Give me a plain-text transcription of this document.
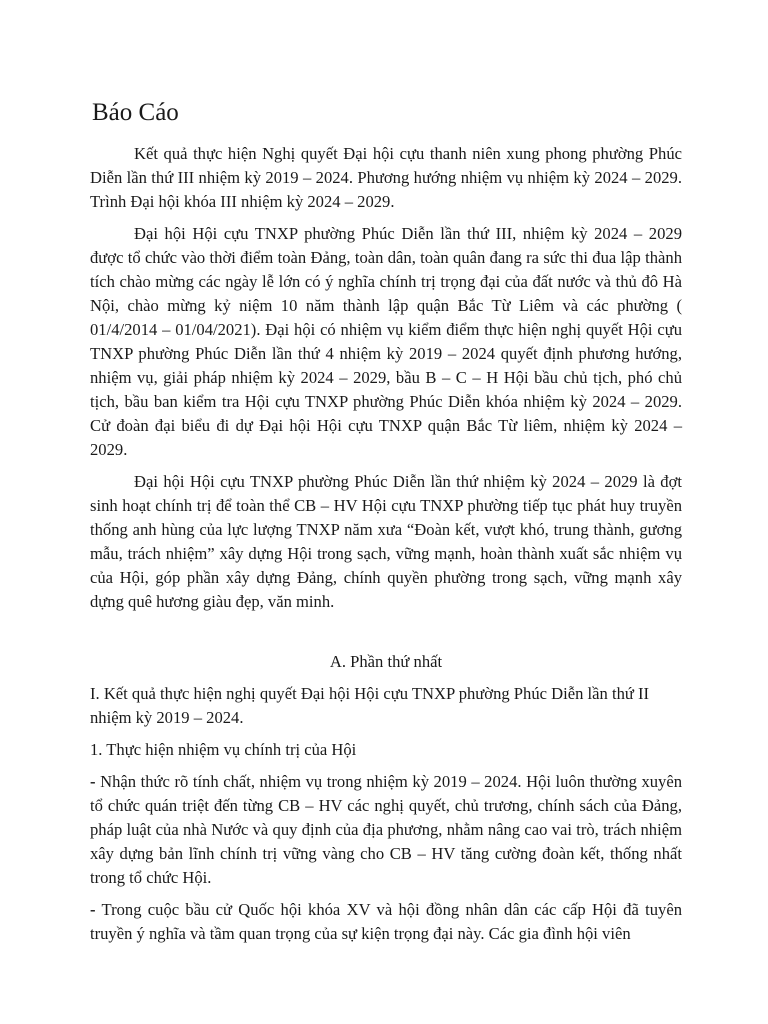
Báo Cáo

Kết quả thực hiện Nghị quyết Đại hội cựu thanh niên xung phong phường Phúc Diễn lần thứ III nhiệm kỳ 2019 – 2024. Phương hướng nhiệm vụ nhiệm kỳ 2024 – 2029. Trình Đại hội khóa III nhiệm kỳ 2024 – 2029.

Đại hội Hội cựu TNXP phường Phúc Diễn lần thứ III, nhiệm kỳ 2024 – 2029 được tổ chức vào thời điểm toàn Đảng, toàn dân, toàn quân đang ra sức thi đua lập thành tích chào mừng các ngày lễ lớn có ý nghĩa chính trị trọng đại của đất nước và thủ đô Hà Nội, chào mừng kỷ niệm 10 năm thành lập quận Bắc Từ Liêm và các phường ( 01/4/2014 – 01/04/2021). Đại hội có nhiệm vụ kiểm điểm thực hiện nghị quyết Hội cựu TNXP phường Phúc Diễn lần thứ 4 nhiệm kỳ 2019 – 2024 quyết định phương hướng, nhiệm vụ, giải pháp nhiệm kỳ 2024 – 2029, bầu B – C – H Hội bầu chủ tịch, phó chủ tịch, bầu ban kiểm tra Hội cựu TNXP phường Phúc Diễn khóa nhiệm kỳ 2024 – 2029. Cử đoàn đại biểu đi dự Đại hội Hội cựu TNXP quận Bắc Từ liêm, nhiệm kỳ 2024 – 2029.

Đại hội Hội cựu TNXP phường Phúc Diễn lần thứ nhiệm kỳ 2024 – 2029 là đợt sinh hoạt chính trị để toàn thể CB – HV Hội cựu TNXP phường tiếp tục phát huy truyền thống anh hùng của lực lượng TNXP năm xưa “Đoàn kết, vượt khó, trung thành, gương mẫu, trách nhiệm” xây dựng Hội trong sạch, vững mạnh, hoàn thành xuất sắc nhiệm vụ của Hội, góp phần xây dựng Đảng, chính quyền phường trong sạch, vững mạnh xây dựng quê hương giàu đẹp, văn minh.

A. Phần thứ nhất

I. Kết quả thực hiện nghị quyết Đại hội Hội cựu TNXP phường Phúc Diễn lần thứ II nhiệm kỳ 2019 – 2024.

1. Thực hiện nhiệm vụ chính trị của Hội

- Nhận thức rõ tính chất, nhiệm vụ trong nhiệm kỳ 2019 – 2024. Hội luôn thường xuyên tổ chức quán triệt đến từng CB – HV các nghị quyết, chủ trương, chính sách của Đảng, pháp luật của nhà Nước và quy định của địa phương, nhằm nâng cao vai trò, trách nhiệm xây dựng bản lĩnh chính trị vững vàng cho CB – HV tăng cường đoàn kết, thống nhất trong tổ chức Hội.

- Trong cuộc bầu cử Quốc hội khóa XV và hội đồng nhân dân các cấp Hội đã tuyên truyền ý nghĩa và tầm quan trọng của sự kiện trọng đại này. Các gia đình hội viên
